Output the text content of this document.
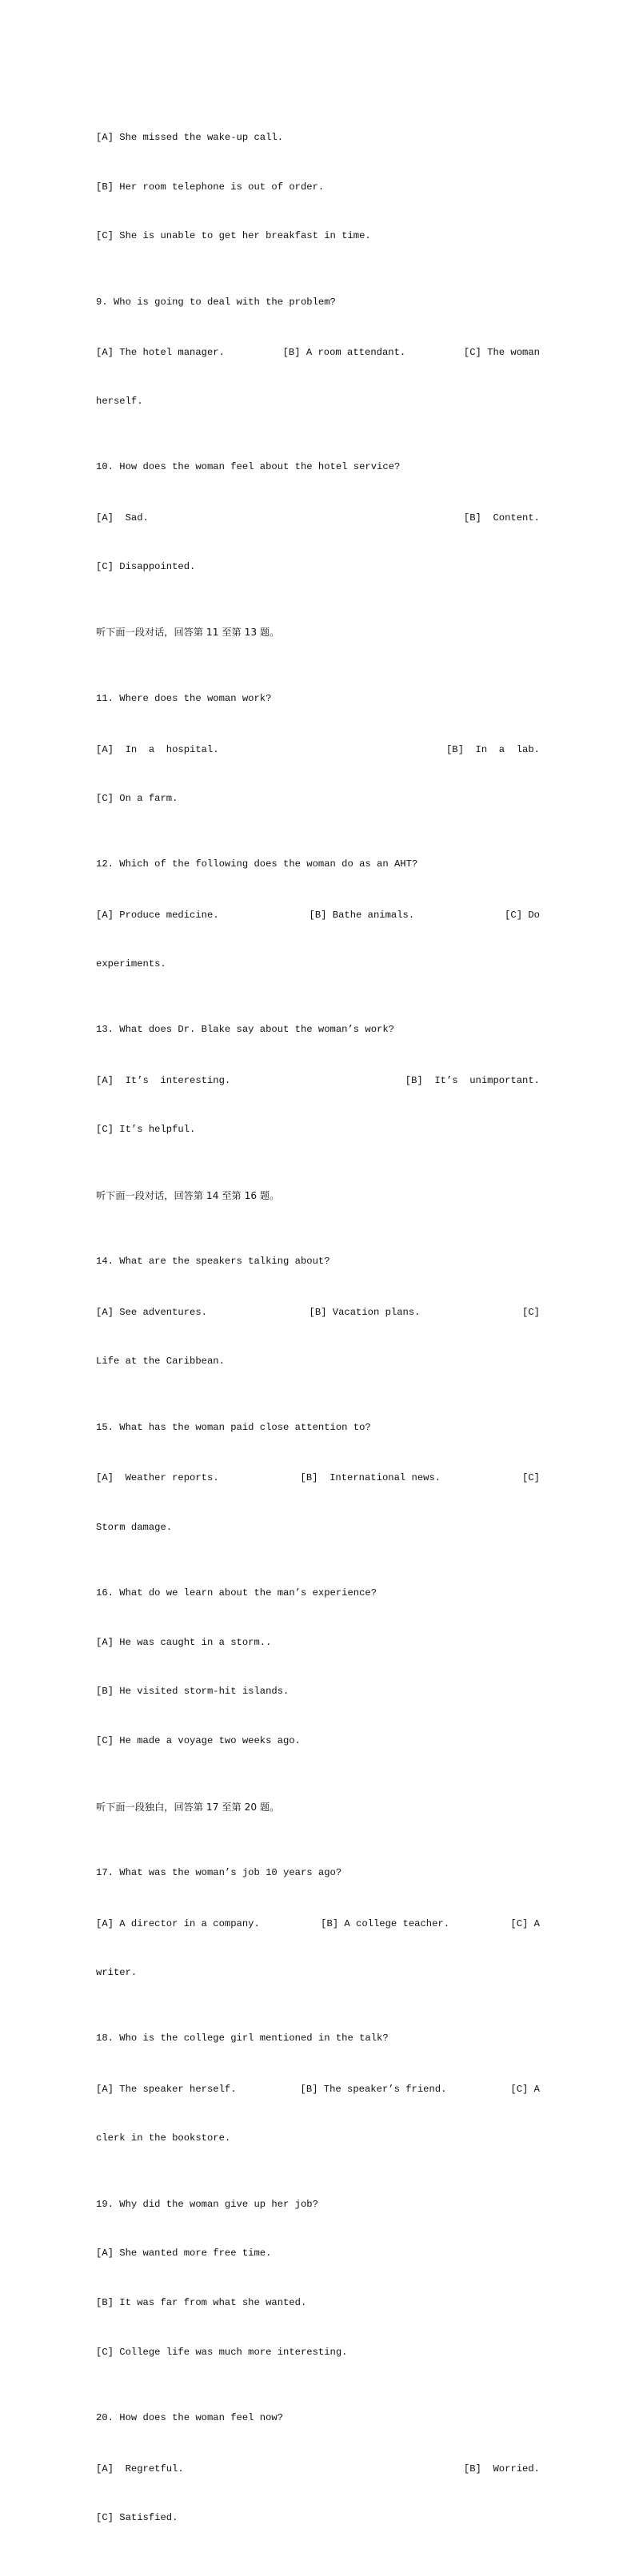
[A] She missed the wake-up call.

[B] Her room telephone is out of order.

[C] She is unable to get her breakfast in time.

9. Who is going to deal with the problem?

[A] The hotel manager.	[B] A room attendant.	[C] The woman

herself.

10. How does the woman feel about the hotel service?

[A]  Sad.	[B]  Content.

[C] Disappointed.

听下面一段对话，回答第 11 至第 13 题。

11. Where does the woman work?

[A]  In  a  hospital.	[B]  In  a  lab.

[C] On a farm.

12. Which of the following does the woman do as an AHT?

[A] Produce medicine.	[B] Bathe animals.	[C] Do

experiments.

13. What does Dr. Blake say about the woman’s work?

[A]  It’s  interesting.	[B]  It’s  unimportant.

[C] It’s helpful.

听下面一段对话，回答第 14 至第 16 题。

14. What are the speakers talking about?

[A] See adventures.	[B] Vacation plans.	[C]

Life at the Caribbean.

15. What has the woman paid close attention to?

[A]  Weather reports.	[B]  International news.	[C]

Storm damage.

16. What do we learn about the man’s experience?

[A] He was caught in a storm..

[B] He visited storm-hit islands.

[C] He made a voyage two weeks ago.

听下面一段独白，回答第 17 至第 20 题。

17. What was the woman’s job 10 years ago?

[A] A director in a company.	[B] A college teacher.	[C] A

writer.

18. Who is the college girl mentioned in the talk?

[A] The speaker herself.	[B] The speaker’s friend.	[C] A

clerk in the bookstore.

19. Why did the woman give up her job?

[A] She wanted more free time.

[B] It was far from what she wanted.

[C] College life was much more interesting.

20. How does the woman feel now?

[A]  Regretful.	[B]  Worried.

[C] Satisfied.
